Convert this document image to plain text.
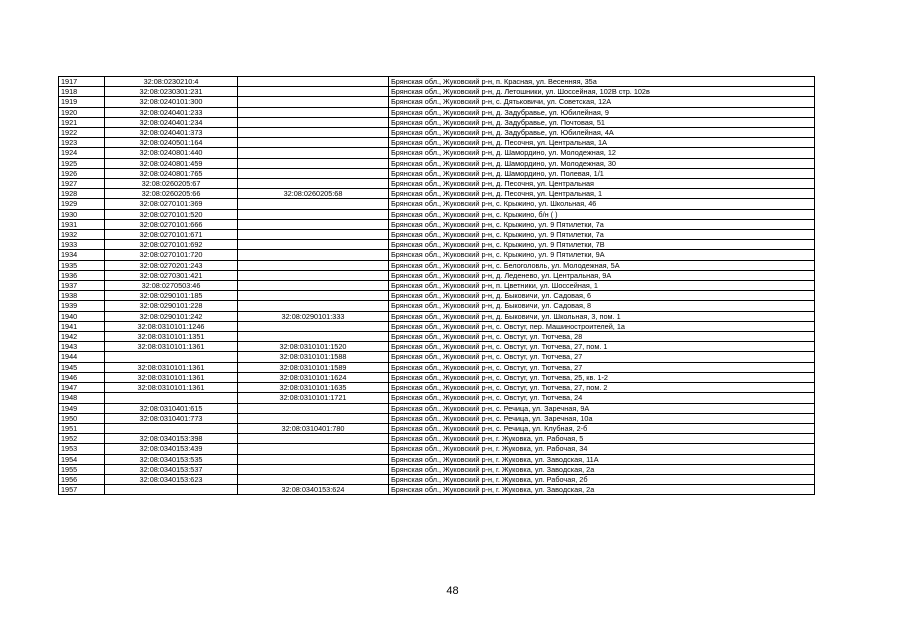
1917	32:08:0230210:4		Брянская обл., Жуковский р-н, п. Красная, ул. Весенняя, 35а
1918	32:08:0230301:231		Брянская обл., Жуковский р-н, д. Летошники, ул. Шоссейная, 102В стр. 102в
1919	32:08:0240101:300		Брянская обл., Жуковский р-н, с. Дятьковичи, ул. Советская, 12А
1920	32:08:0240401:233		Брянская обл., Жуковский р-н, д. Задубравье, ул. Юбилейная, 9
1921	32:08:0240401:234		Брянская обл., Жуковский р-н, д. Задубравье, ул. Почтовая, 51
1922	32:08:0240401:373		Брянская обл., Жуковский р-н, д. Задубравье, ул. Юбилейная, 4А
1923	32:08:0240501:164		Брянская обл., Жуковский р-н, д. Песочня, ул. Центральная, 1А
1924	32:08:0240801:440		Брянская обл., Жуковский р-н, д. Шамордино, ул. Молодежная, 12
1925	32:08:0240801:459		Брянская обл., Жуковский р-н, д. Шамордино, ул. Молодежная, 30
1926	32:08:0240801:765		Брянская обл., Жуковский р-н, д. Шамордино, ул. Полевая, 1/1
1927	32:08:0260205:67		Брянская обл., Жуковский р-н, д. Песочня, ул. Центральная
1928	32:08:0260205:66	32:08:0260205:68	Брянская обл., Жуковский р-н, д. Песочня, ул. Центральная, 1
1929	32:08:0270101:369		Брянская обл., Жуковский р-н, с. Крыжино, ул. Школьная, 46
1930	32:08:0270101:520		Брянская обл., Жуковский р-н, с. Крыжино, б/н ( )
1931	32:08:0270101:666		Брянская обл., Жуковский р-н, с. Крыжино, ул. 9 Пятилетки, 7а
1932	32:08:0270101:671		Брянская обл., Жуковский р-н, с. Крыжино, ул. 9 Пятилетки, 7а
1933	32:08:0270101:692		Брянская обл., Жуковский р-н, с. Крыжино, ул. 9 Пятилетки, 7В
1934	32:08:0270101:720		Брянская обл., Жуковский р-н, с. Крыжино, ул. 9 Пятилетки, 9А
1935	32:08:0270201:243		Брянская обл., Жуковский р-н, с. Белоголовль, ул. Молодежная, 5А
1936	32:08:0270301:421		Брянская обл., Жуковский р-н, д. Леденево, ул. Центральная, 9А
1937	32:08:0270503:46		Брянская обл., Жуковский р-н, п. Цветники, ул. Шоссейная, 1
1938	32:08:0290101:185		Брянская обл., Жуковский р-н, д. Быковичи, ул. Садовая, 6
1939	32:08:0290101:228		Брянская обл., Жуковский р-н, д. Быковичи, ул. Садовая, 8
1940	32:08:0290101:242	32:08:0290101:333	Брянская обл., Жуковский р-н, д. Быковичи, ул. Школьная, 3, пом. 1
1941	32:08:0310101:1246		Брянская обл., Жуковский р-н, с. Овстуг, пер. Машиностроителей, 1а
1942	32:08:0310101:1351		Брянская обл., Жуковский р-н, с. Овстуг, ул. Тютчева, 28
1943	32:08:0310101:1361	32:08:0310101:1520	Брянская обл., Жуковский р-н, с. Овстуг, ул. Тютчева, 27, пом. 1
1944		32:08:0310101:1588	Брянская обл., Жуковский р-н, с. Овстуг, ул. Тютчева, 27
1945	32:08:0310101:1361	32:08:0310101:1589	Брянская обл., Жуковский р-н, с. Овстуг, ул. Тютчева, 27
1946	32:08:0310101:1361	32:08:0310101:1624	Брянская обл., Жуковский р-н, с. Овстуг, ул. Тютчева, 25, кв. 1-2
1947	32:08:0310101:1361	32:08:0310101:1635	Брянская обл., Жуковский р-н, с. Овстуг, ул. Тютчева, 27, пом. 2
1948		32:08:0310101:1721	Брянская обл., Жуковский р-н, с. Овстуг, ул. Тютчева, 24
1949	32:08:0310401:615		Брянская обл., Жуковский р-н, с. Речица, ул. Заречная, 9А
1950	32:08:0310401:773		Брянская обл., Жуковский р-н, с. Речица, ул. Заречная, 10а
1951		32:08:0310401:780	Брянская обл., Жуковский р-н, с. Речица, ул. Клубная, 2-б
1952	32:08:0340153:398		Брянская обл., Жуковский р-н, г. Жуковка, ул. Рабочая, 5
1953	32:08:0340153:439		Брянская обл., Жуковский р-н, г. Жуковка, ул. Рабочая, 34
1954	32:08:0340153:535		Брянская обл., Жуковский р-н, г. Жуковка, ул. Заводская, 11А
1955	32:08:0340153:537		Брянская обл., Жуковский р-н, г. Жуковка, ул. Заводская, 2а
1956	32:08:0340153:623		Брянская обл., Жуковский р-н, г. Жуковка, ул. Рабочая, 2б
1957		32:08:0340153:624	Брянская обл., Жуковский р-н, г. Жуковка, ул. Заводская, 2а
48
